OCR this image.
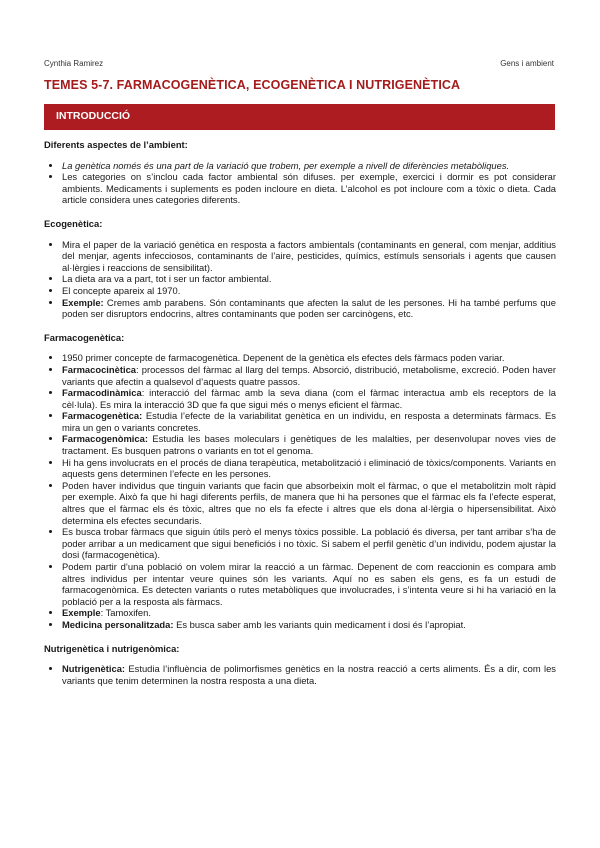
Cynthia Ramirez	Gens i ambient
TEMES 5-7. FARMACOGENÈTICA, ECOGENÈTICA I NUTRIGENÈTICA
INTRODUCCIÓ
Diferents aspectes de l’ambient:
• La genètica només és una part de la variació que trobem, per exemple a nivell de diferències metabòliques.
• Les categories on s’inclou cada factor ambiental són difuses. per exemple, exercici i dormir es pot considerar ambients. Medicaments i suplements es poden incloure en dieta. L’alcohol es pot incloure com a tòxic o dieta. Cada article considera unes categories diferents.
Ecogenètica:
• Mira el paper de la variació genètica en resposta a factors ambientals (contaminants en general, com menjar, additius del menjar, agents infecciosos, contaminants de l’aire, pesticides, químics, estímuls sensorials i agents que causen al·lèrgies i reaccions de sensibilitat).
• La dieta ara va a part, tot i ser un factor ambiental.
• El concepte apareix al 1970.
• Exemple: Cremes amb parabens. Són contaminants que afecten la salut de les persones. Hi ha també perfums que poden ser disruptors endocrins, altres contaminants que poden ser carcinògens, etc.
Farmacogenètica:
• 1950 primer concepte de farmacogenètica. Depenent de la genètica els efectes dels fàrmacs poden variar.
• Farmacocinètica: processos del fàrmac al llarg del temps. Absorció, distribució, metabolisme, excreció. Poden haver variants que afectin a qualsevol d’aquests quatre passos.
• Farmacodinàmica: interacció del fàrmac amb la seva diana (com el fàrmac interactua amb els receptors de la cèl·lula). Es mira la interacció 3D que fa que sigui més o menys eficient el fàrmac.
• Farmacogenètica: Estudia l’efecte de la variabilitat genètica en un individu, en resposta a determinats fàrmacs. Es mira un gen o variants concretes.
• Farmacogenòmica: Estudia les bases moleculars i genètiques de les malalties, per desenvolupar noves vies de tractament. Es busquen patrons o variants en tot el genoma.
• Hi ha gens involucrats en el procés de diana terapèutica, metabolització i eliminació de tòxics/components. Variants en aquests gens determinen l’efecte en les persones.
• Poden haver individus que tinguin variants que facin que absorbeixin molt el fàrmac, o que el metabolitzin molt ràpid per exemple. Això fa que hi hagi diferents perfils, de manera que hi ha persones que el fàrmac els fa l’efecte esperat, altres que el fàrmac els és tòxic, altres que no els fa efecte i altres que els dona al·lèrgia o hipersensibilitat. Això determina els efectes secundaris.
• Es busca trobar fàrmacs que siguin útils però el menys tòxics possible. La població és diversa, per tant arribar s’ha de poder arribar a un medicament que sigui beneficiós i no tòxic. Si sabem el perfil genètic d’un individu, podem ajustar la dosi (farmacogenètica).
• Podem partir d’una població on volem mirar la reacció a un fàrmac. Depenent de com reaccionin es compara amb altres individus per intentar veure quines són les variants. Aquí no es saben els gens, es fa un estudi de farmacogenòmica. Es detecten variants o rutes metabòliques que involucrades, i s’intenta veure si hi ha variació en la població per a la resposta als fàrmacs.
• Exemple: Tamoxifen.
• Medicina personalitzada: Es busca saber amb les variants quin medicament i dosi és l’apropiat.
Nutrigenètica i nutrigenòmica:
• Nutrigenètica: Estudia l’influència de polimorfismes genètics en la nostra reacció a certs aliments. És a dir, com les variants que tenim determinen la nostra resposta a una dieta.
